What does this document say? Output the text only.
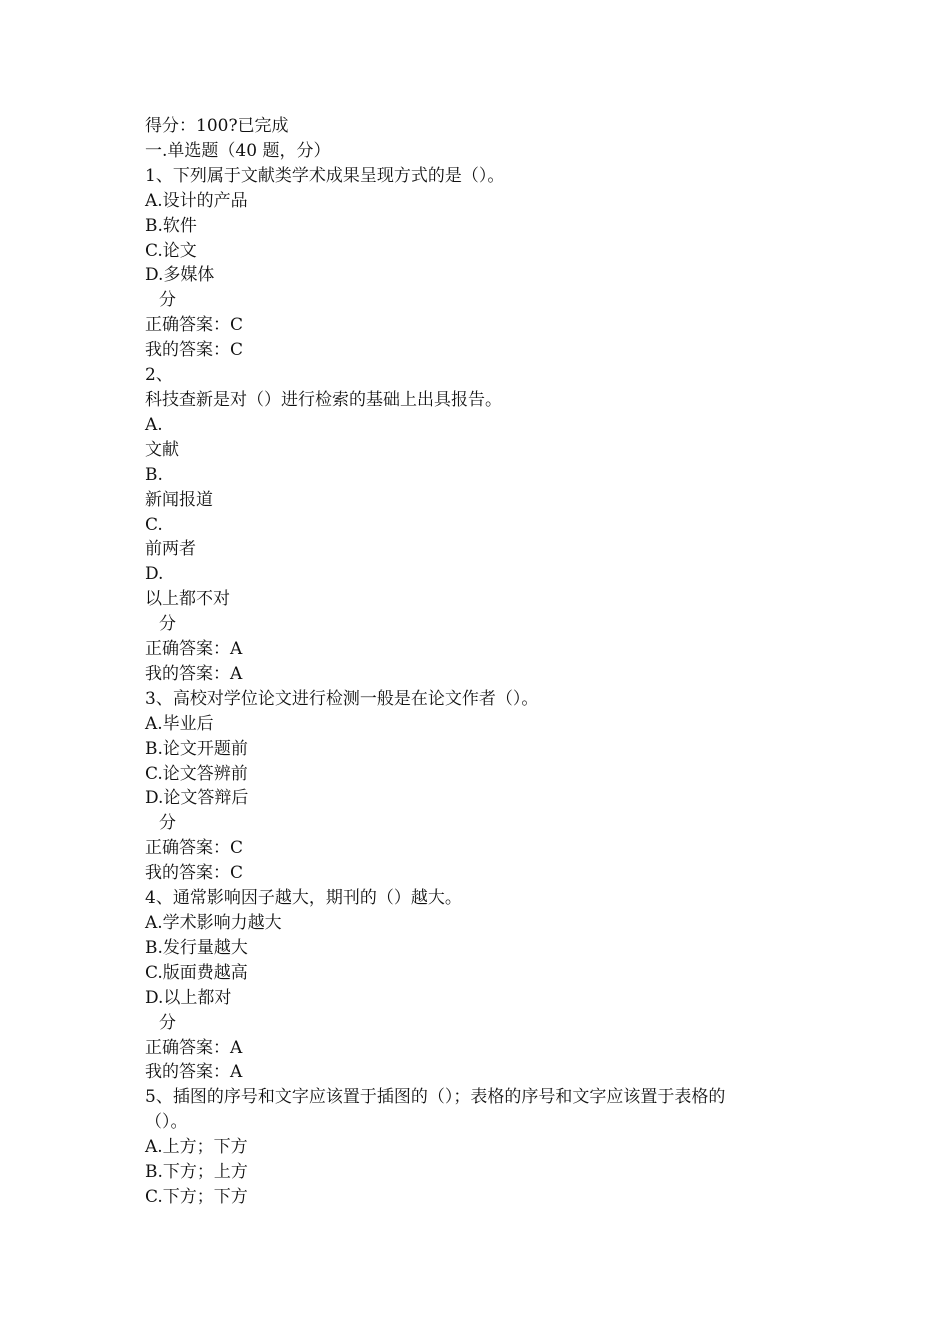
得分：100?已完成
一.单选题（40 题，分）
1、下列属于文献类学术成果呈现方式的是（）。
A.设计的产品
B.软件
C.论文
D.多媒体
分
正确答案：C
我的答案：C
2、
科技查新是对（）进行检索的基础上出具报告。
A.
文献
B.
新闻报道
C.
前两者
D.
以上都不对
分
正确答案：A
我的答案：A
3、高校对学位论文进行检测一般是在论文作者（）。
A.毕业后
B.论文开题前
C.论文答辨前
D.论文答辩后
分
正确答案：C
我的答案：C
4、通常影响因子越大，期刊的（）越大。
A.学术影响力越大
B.发行量越大
C.版面费越高
D.以上都对
分
正确答案：A
我的答案：A
5、插图的序号和文字应该置于插图的（）；表格的序号和文字应该置于表格的
（）。
A.上方；下方
B.下方；上方
C.下方；下方
